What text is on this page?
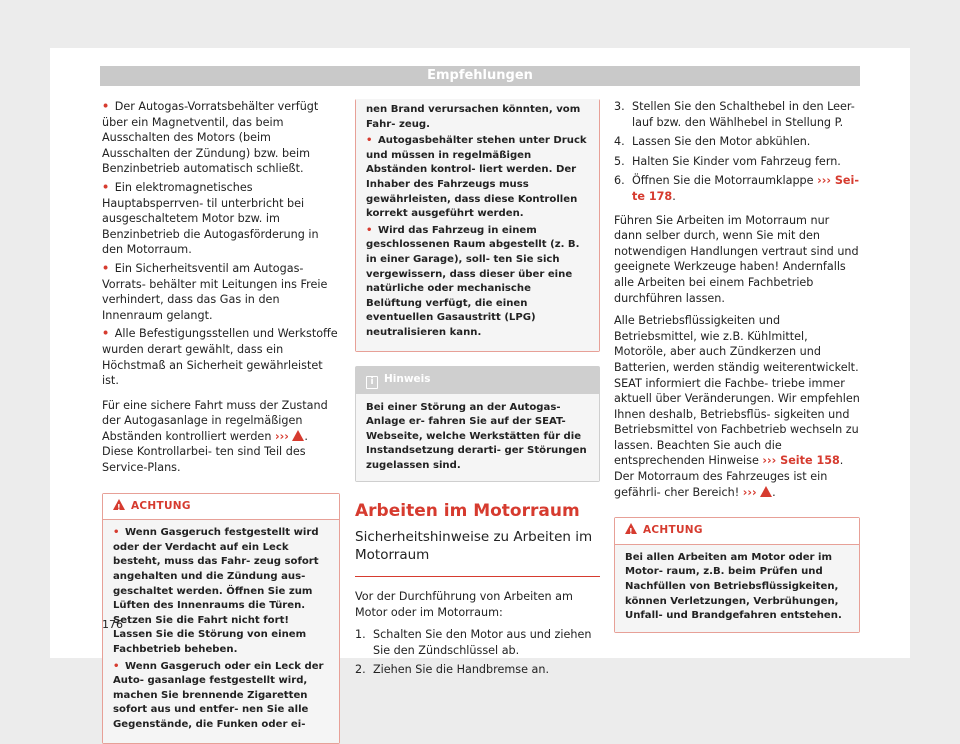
Empfehlungen

• Der Autogas-Vorratsbehälter verfügt über ein Magnetventil, das beim Ausschalten des Motors (beim Ausschalten der Zündung) bzw. beim Benzinbetrieb automatisch schließt.

• Ein elektromagnetisches Hauptabsperrven- til unterbricht bei ausgeschaltetem Motor bzw. im Benzinbetrieb die Autogasförderung in den Motorraum.

• Ein Sicherheitsventil am Autogas-Vorrats- behälter mit Leitungen ins Freie verhindert, dass das Gas in den Innenraum gelangt.

• Alle Befestigungsstellen und Werkstoffe wurden derart gewählt, dass ein Höchstmaß an Sicherheit gewährleistet ist.

Für eine sichere Fahrt muss der Zustand der Autogasanlage in regelmäßigen Abständen kontrolliert werden ››› . Diese Kontrollarbei- ten sind Teil des Service-Plans.

!ACHTUNG

• Wenn Gasgeruch festgestellt wird oder der Verdacht auf ein Leck besteht, muss das Fahr- zeug sofort angehalten und die Zündung aus- geschaltet werden. Öffnen Sie zum Lüften des Innenraums die Türen. Setzen Sie die Fahrt nicht fort! Lassen Sie die Störung von einem Fachbetrieb beheben.

• Wenn Gasgeruch oder ein Leck der Auto- gasanlage festgestellt wird, machen Sie brennende Zigaretten sofort aus und entfer- nen Sie alle Gegenstände, die Funken oder ei-

nen Brand verursachen könnten, vom Fahr- zeug.

• Autogasbehälter stehen unter Druck und müssen in regelmäßigen Abständen kontrol- liert werden. Der Inhaber des Fahrzeugs muss gewährleisten, dass diese Kontrollen korrekt ausgeführt werden.

• Wird das Fahrzeug in einem geschlossenen Raum abgestellt (z. B. in einer Garage), soll- ten Sie sich vergewissern, dass dieser über eine natürliche oder mechanische Belüftung verfügt, die einen eventuellen Gasaustritt (LPG) neutralisieren kann.

i Hinweis
Bei einer Störung an der Autogas-Anlage er- fahren Sie auf der SEAT-Webseite, welche Werkstätten für die Instandsetzung derarti- ger Störungen zugelassen sind.
Arbeiten im Motorraum
Sicherheitshinweise zu Arbeiten im Motorraum

Vor der Durchführung von Arbeiten am Motor oder im Motorraum:

1. Schalten Sie den Motor aus und ziehen Sie den Zündschlüssel ab.
2. Ziehen Sie die Handbremse an.
3. Stellen Sie den Schalthebel in den Leer- lauf bzw. den Wählhebel in Stellung P.
4. Lassen Sie den Motor abkühlen.
5. Halten Sie Kinder vom Fahrzeug fern.
6. Öffnen Sie die Motorraumklappe ››› Sei- te 178.

Führen Sie Arbeiten im Motorraum nur dann selber durch, wenn Sie mit den notwendigen Handlungen vertraut sind und geeignete Werkzeuge haben! Andernfalls alle Arbeiten bei einem Fachbetrieb durchführen lassen.

Alle Betriebsflüssigkeiten und Betriebsmittel, wie z.B. Kühlmittel, Motoröle, aber auch Zündkerzen und Batterien, werden ständig weiterentwickelt. SEAT informiert die Fachbe- triebe immer aktuell über Veränderungen. Wir empfehlen Ihnen deshalb, Betriebsflüs- sigkeiten und Betriebsmittel von Fachbetrieb wechseln zu lassen. Beachten Sie auch die entsprechenden Hinweise ››› Seite 158. Der Motorraum des Fahrzeuges ist ein gefährli- cher Bereich! ››› .

!ACHTUNG
Bei allen Arbeiten am Motor oder im Motor- raum, z.B. beim Prüfen und Nachfüllen von Betriebsflüssigkeiten, können Verletzungen, Verbrühungen, Unfall- und Brandgefahren entstehen.
176
